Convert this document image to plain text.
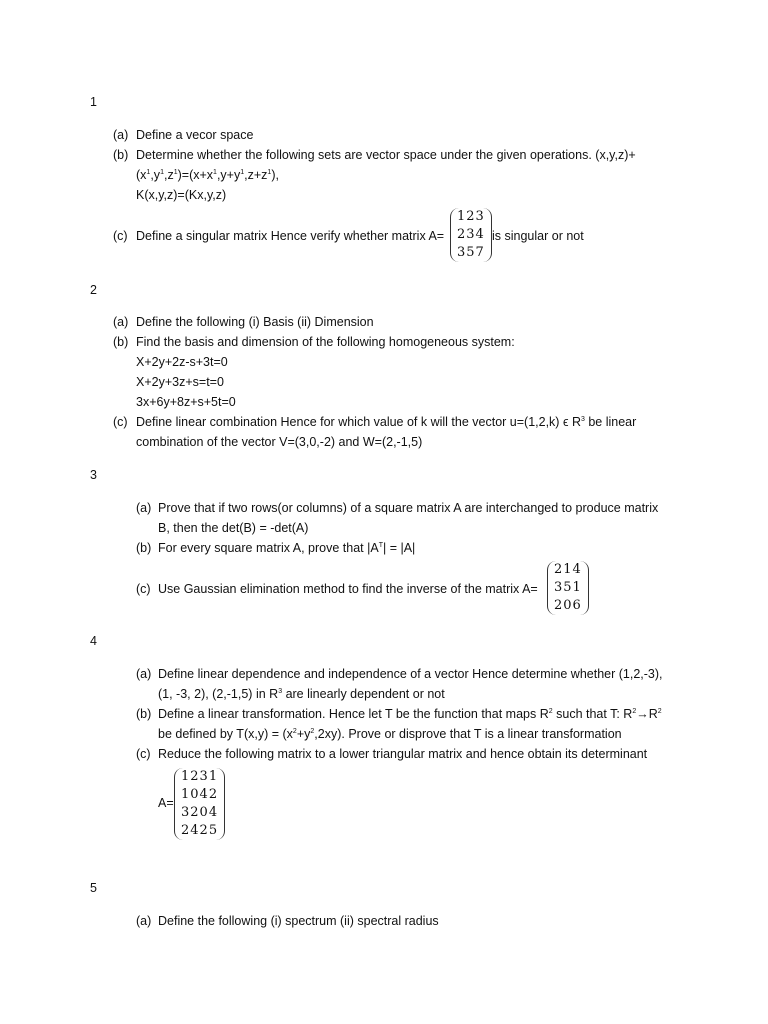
1
(a) Define a vecor space
(b) Determine whether the following sets are vector space under the given operations. (x,y,z)+
$(x^1,y^1,z^1)=(x+x^1,y+y^1,z+z^1)$,
K(x,y,z)=(Kx,y,z)
(c) Define a singular matrix Hence verify whether matrix A=
123
234
357
is singular or not
2
(a) Define the following (i) Basis (ii) Dimension
(b) Find the basis and dimension of the following homogeneous system:
X+2y+2z-s+3t=0
X+2y+3z+s=t=0
3x+6y+8z+s+5t=0
(c) Define linear combination Hence for which value of k will the vector u=(1,2,k) ϵ $R^3$ be linear
combination of the vector V=(3,0,-2) and W=(2,-1,5)
3
(a) Prove that if two rows(or columns) of a square matrix A are interchanged to produce matrix
B, then the det(B) = -det(A)
(b) For every square matrix A, prove that $|A^T| = |A|$
(c) Use Gaussian elimination method to find the inverse of the matrix A=
214
351
206
4
(a) Define linear dependence and independence of a vector Hence determine whether (1,2,-3),
(1, -3, 2), (2,-1,5) in $R^3$ are linearly dependent or not
(b) Define a linear transformation. Hence let T be the function that maps $R^2$ such that T: $R^2\to R^2$
be defined by $T(x,y) = (x^2+y^2,2xy)$. Prove or disprove that T is a linear transformation
(c) Reduce the following matrix to a lower triangular matrix and hence obtain its determinant
A=
1231
1042
3204
2425
5
(a) Define the following (i) spectrum (ii) spectral radius
